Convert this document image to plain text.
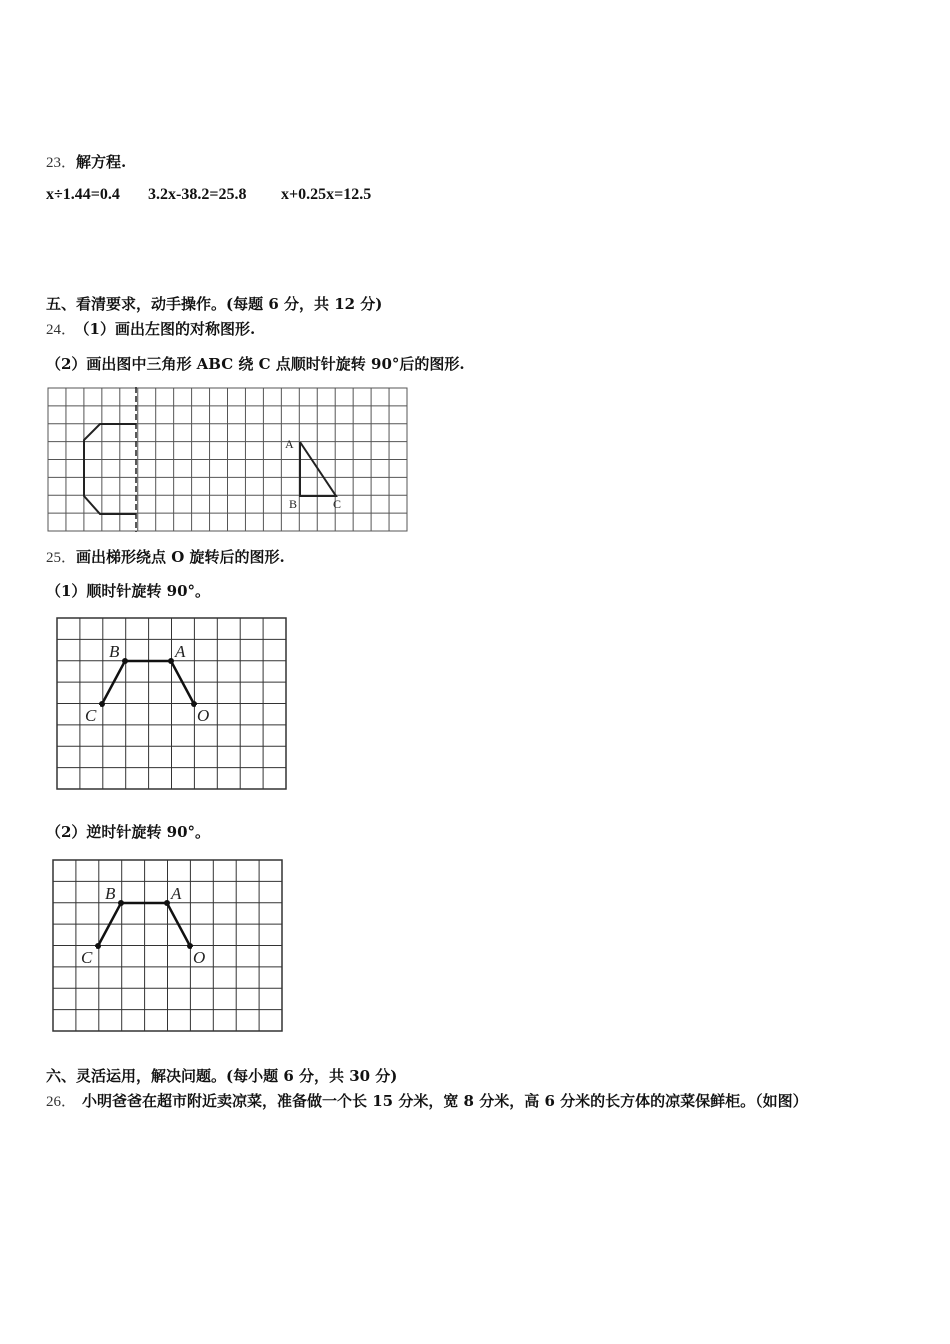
23．解方程.
x÷1.44=0.4 3.2x-38.2=25.8 x+0.25x=12.5
五、看清要求，动手操作。(每题 6 分，共 12 分)
24． （1）画出左图的对称图形.
（2）画出图中三角形 ABC 绕 C 点顺时针旋转 90°后的图形.
A
B	C
25．画出梯形绕点 O 旋转后的图形.
（1）顺时针旋转 90°。
B	A
C	O
（2）逆时针旋转 90°。
B	A
C	O
六、灵活运用，解决问题。(每小题 6 分，共 30 分)
26． 小明爸爸在超市附近卖凉菜，准备做一个长 15 分米，宽 8 分米，高 6 分米的长方体的凉菜保鲜柜。（如图）
